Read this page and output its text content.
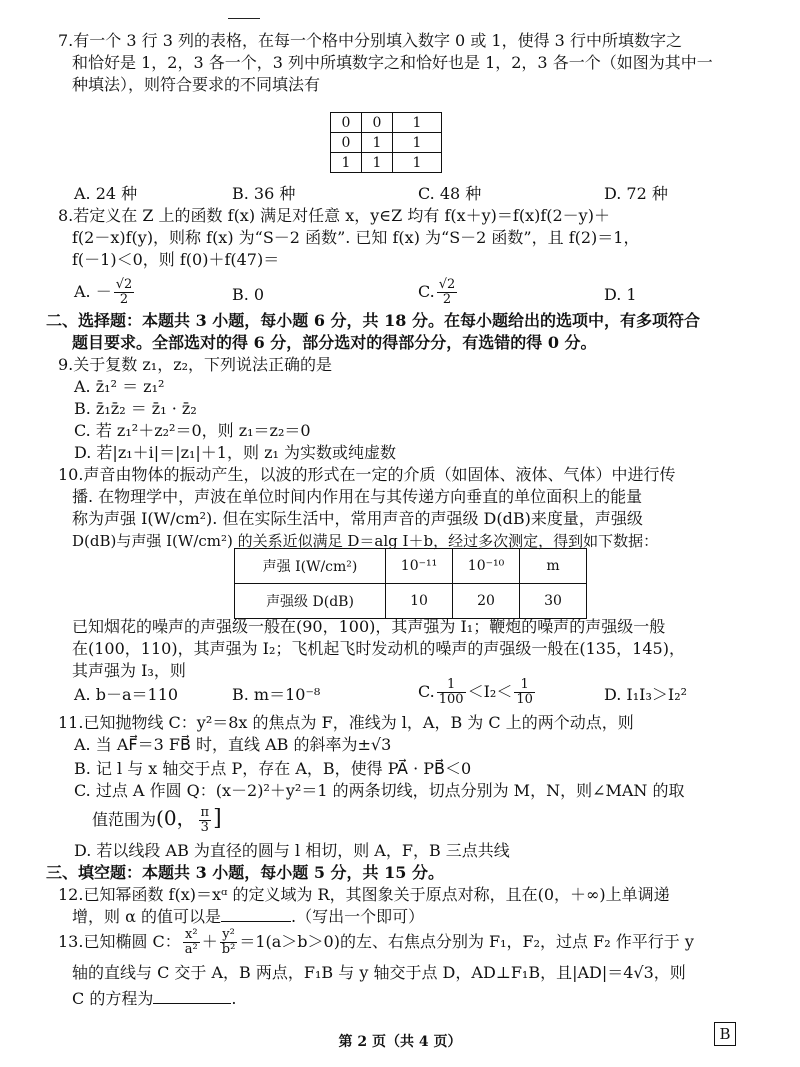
7.有一个 3 行 3 列的表格，在每一个格中分别填入数字 0 或 1，使得 3 行中所填数字之
和恰好是 1，2，3 各一个，3 列中所填数字之和恰好也是 1，2，3 各一个（如图为其中一
种填法），则符合要求的不同填法有
0	0	1
0	1	1
1	1	1
A. 24 种	B. 36 种	C. 48 种	D. 72 种
8.若定义在 Z 上的函数 f(x) 满足对任意 x，y∈Z 均有 f(x＋y)＝f(x)f(2－y)＋
f(2－x)f(y)，则称 f(x) 为“S－2 函数”. 已知 f(x) 为“S－2 函数”，且 f(2)＝1，
f(－1)＜0，则 f(0)＋f(47)＝
A. － $\frac{√2}{2}$	B. 0	C. $\frac{√2}{2}$	D. 1
二、选择题：本题共 3 小题，每小题 6 分，共 18 分。在每小题给出的选项中，有多项符合
题目要求。全部选对的得 6 分，部分选对的得部分分，有选错的得 0 分。
9.关于复数 z₁，z₂，下列说法正确的是
A. z̄₁² ＝ z₁²
B. z̄₁z̄₂ ＝ z̄₁ · z̄₂
C. 若 z₁²＋z₂²＝0，则 z₁＝z₂＝0
D. 若|z₁＋i|＝|z₁|＋1，则 z₁ 为实数或纯虚数
10.声音由物体的振动产生，以波的形式在一定的介质（如固体、液体、气体）中进行传
播. 在物理学中，声波在单位时间内作用在与其传递方向垂直的单位面积上的能量
称为声强 I(W/cm²). 但在实际生活中，常用声音的声强级 D(dB)来度量，声强级
D(dB)与声强 I(W/cm²) 的关系近似满足 D＝alg I＋b，经过多次测定，得到如下数据：
声强 I(W/cm²)	10⁻¹¹	10⁻¹⁰	m
声强级 D(dB)	10	20	30
已知烟花的噪声的声强级一般在(90，100)，其声强为 I₁；鞭炮的噪声的声强级一般
在(100，110)，其声强为 I₂；飞机起飞时发动机的噪声的声强级一般在(135，145)，
其声强为 I₃，则
A. b－a＝110	B. m＝10⁻⁸	C. $\frac{1}{100} <I_2< \frac{1}{10}$	D. I₁I₃＞I₂²
11.已知抛物线 C：y²＝8x 的焦点为 F，准线为 l，A，B 为 C 上的两个动点，则
A. 当 AF⃗＝3 FB⃗ 时，直线 AB 的斜率为±√3
B. 记 l 与 x 轴交于点 P，存在 A，B，使得 PA⃗ · PB⃗＜0
C. 过点 A 作圆 Q：(x－2)²＋y²＝1 的两条切线，切点分别为 M，N，则∠MAN 的取
值范围为(0， $\frac{\pi}{3}$ ]
D. 若以线段 AB 为直径的圆与 l 相切，则 A，F，B 三点共线
三、填空题：本题共 3 小题，每小题 5 分，共 15 分。
12.已知幂函数 f(x)＝xᵅ 的定义域为 R，其图象关于原点对称，且在(0，＋∞)上单调递
增，则 α 的值可以是	.（写出一个即可）
13.已知椭圆 C： $\frac{\text{x²}}{\text{a²}} + \frac{\text{y²}}{\text{b²}} =1(a>b>0)$的左、右焦点分别为 F₁，F₂，过点 F₂ 作平行于 y
轴的直线与 C 交于 A，B 两点，F₁B 与 y 轴交于点 D，AD⊥F₁B，且|AD|＝4√3，则
C 的方程为	.
第 2 页（共 4 页）	B
